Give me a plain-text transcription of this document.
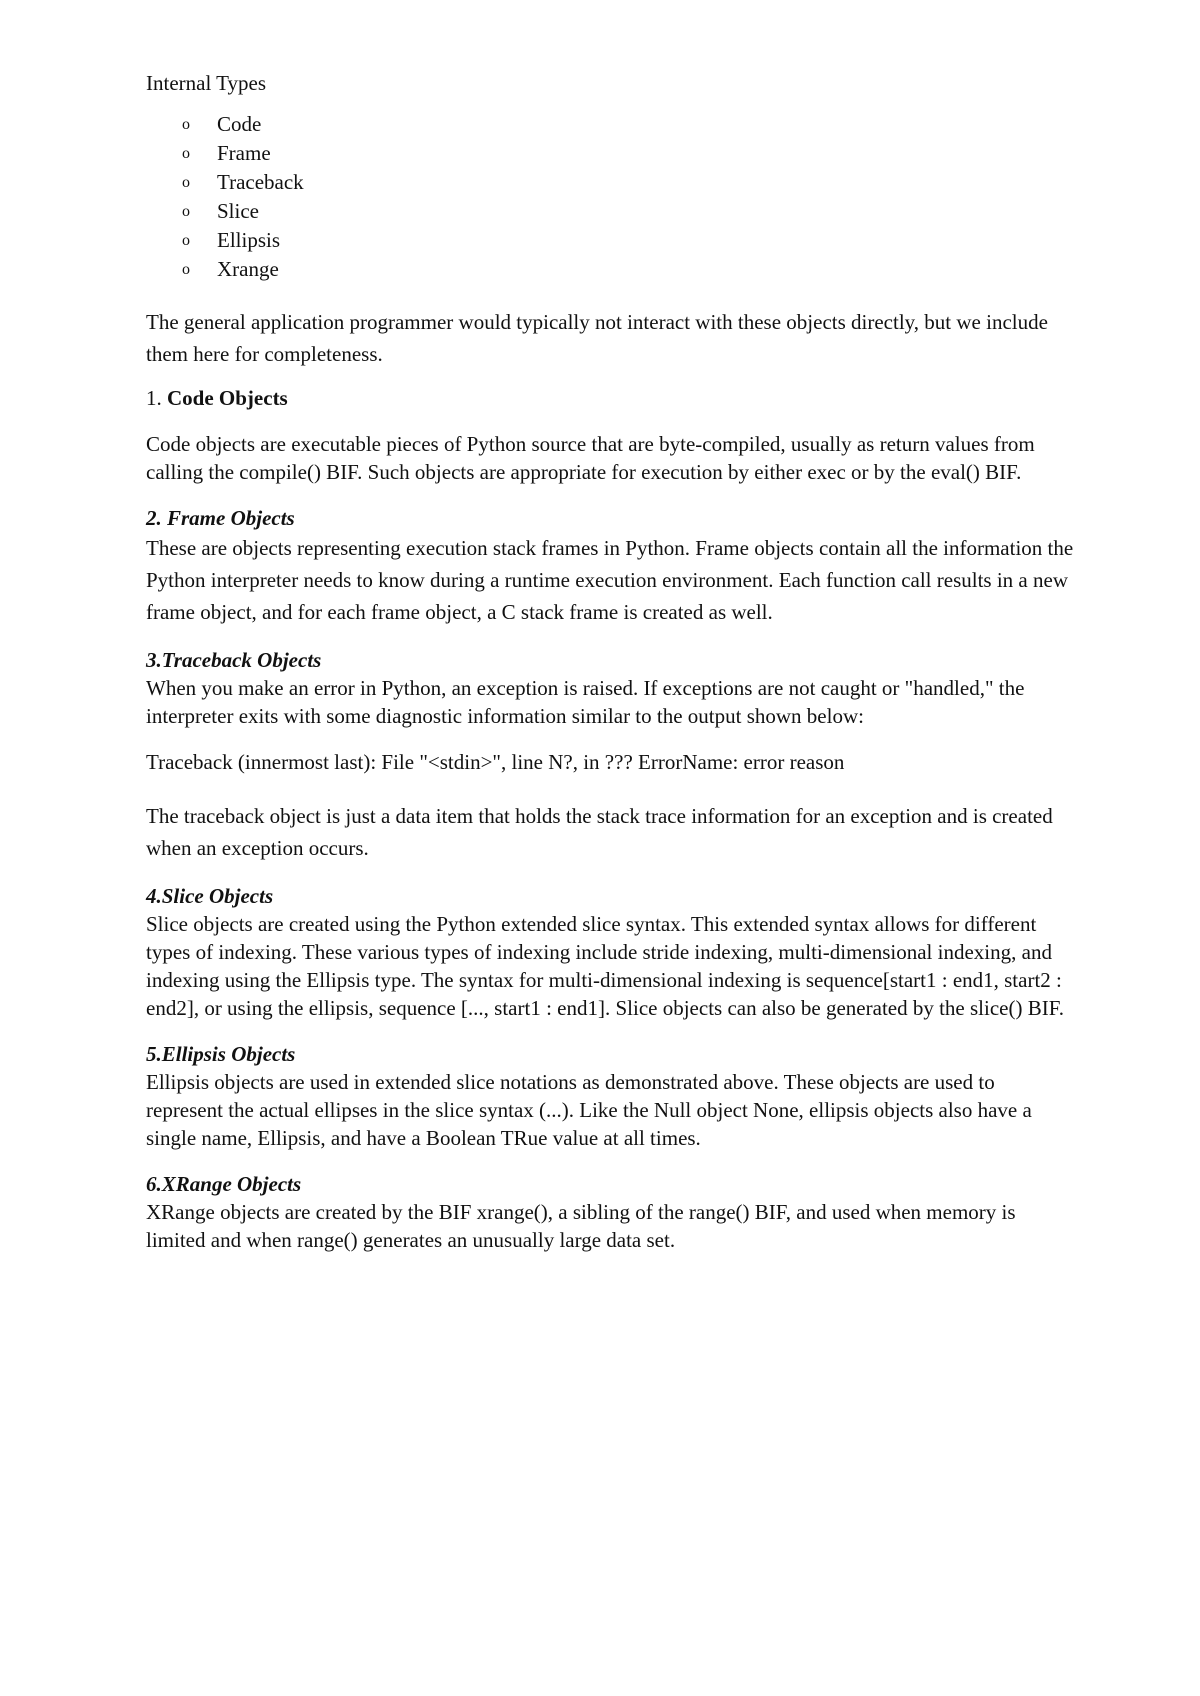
Internal Types

o	Code
o	Frame
o	Traceback
o	Slice
o	Ellipsis
o	Xrange

The general application programmer would typically not interact with these objects directly, but we include them here for completeness.

1. Code Objects

Code objects are executable pieces of Python source that are byte-compiled, usually as return values from calling the compile() BIF. Such objects are appropriate for execution by either exec or by the eval() BIF.

2. Frame Objects

These are objects representing execution stack frames in Python. Frame objects contain all the information the Python interpreter needs to know during a runtime execution environment. Each function call results in a new frame object, and for each frame object, a C stack frame is created as well.

3.Traceback Objects

When you make an error in Python, an exception is raised. If exceptions are not caught or "handled," the interpreter exits with some diagnostic information similar to the output shown below:

Traceback (innermost last): File "<stdin>", line N?, in ??? ErrorName: error reason

The traceback object is just a data item that holds the stack trace information for an exception and is created when an exception occurs.

4.Slice Objects

Slice objects are created using the Python extended slice syntax. This extended syntax allows for different types of indexing. These various types of indexing include stride indexing, multi-dimensional indexing, and indexing using the Ellipsis type. The syntax for multi-dimensional indexing is sequence[start1 : end1, start2 : end2], or using the ellipsis, sequence [..., start1 : end1]. Slice objects can also be generated by the slice() BIF.

5.Ellipsis Objects

Ellipsis objects are used in extended slice notations as demonstrated above. These objects are used to represent the actual ellipses in the slice syntax (...). Like the Null object None, ellipsis objects also have a single name, Ellipsis, and have a Boolean TRue value at all times.

6.XRange Objects

XRange objects are created by the BIF xrange(), a sibling of the range() BIF, and used when memory is limited and when range() generates an unusually large data set.
